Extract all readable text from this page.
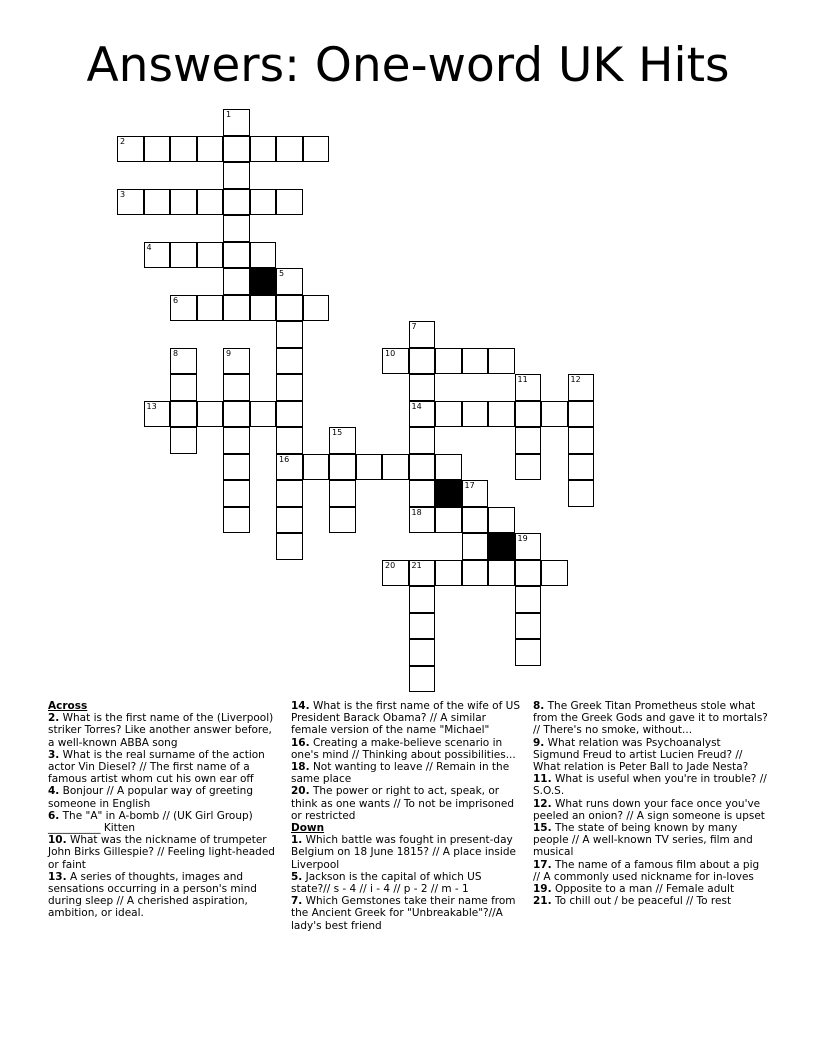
Answers: One-word UK Hits
1
2
3
4
5
6
7
8	9	10
11	12
13	14
15
16
17
18
19
20 21

Across

2. What is the first name of the (Liverpool) striker Torres? Like another answer before, a well-known ABBA song

3. What is the real surname of the action actor Vin Diesel? // The first name of a famous artist whom cut his own ear off

4. Bonjour // A popular way of greeting someone in English

6. The "A" in A-bomb // (UK Girl Group) __________ Kitten

10. What was the nickname of trumpeter John Birks Gillespie? // Feeling light-headed or faint

13. A series of thoughts, images and sensations occurring in a person's mind during sleep // A cherished aspiration, ambition, or ideal.

14. What is the first name of the wife of US President Barack Obama? // A similar female version of the name "Michael"

16. Creating a make-believe scenario in one's mind // Thinking about possibilities...

18. Not wanting to leave // Remain in the same place

20. The power or right to act, speak, or think as one wants // To not be imprisoned or restricted

Down

1. Which battle was fought in present-day Belgium on 18 June 1815? // A place inside Liverpool

5. Jackson is the capital of which US state?// s - 4 // i - 4 // p - 2 // m - 1

7. Which Gemstones take their name from the Ancient Greek for "Unbreakable"?//A lady's best friend

8. The Greek Titan Prometheus stole what from the Greek Gods and gave it to mortals? // There's no smoke, without...

9. What relation was Psychoanalyst Sigmund Freud to artist Lucien Freud? // What relation is Peter Ball to Jade Nesta?

11. What is useful when you're in trouble? // S.O.S.

12. What runs down your face once you've peeled an onion? // A sign someone is upset

15. The state of being known by many people // A well-known TV series, film and musical

17. The name of a famous film about a pig // A commonly used nickname for in-loves

19. Opposite to a man // Female adult

21. To chill out / be peaceful // To rest
